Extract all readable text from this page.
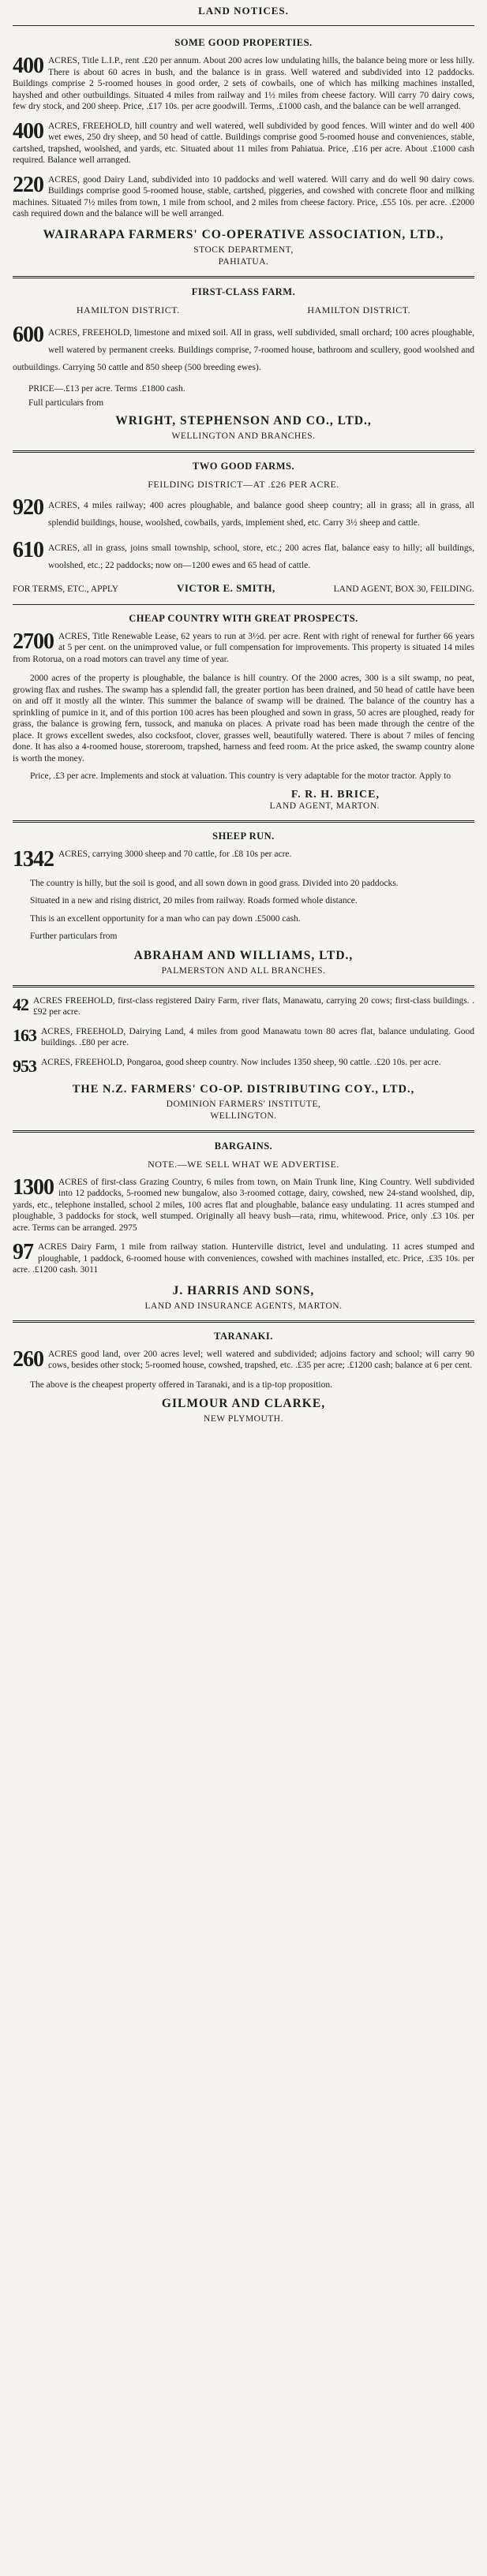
LAND NOTICES.
SOME GOOD PROPERTIES.
400 ACRES, Title L.I.P., rent .£20 per annum. About 200 acres low undulating hills, the balance being more or less hilly. There is about 60 acres in bush, and the balance is in grass. Well watered and subdivided into 12 paddocks. Buildings comprise 2 5-roomed houses in good order, 2 sets of cowbails, one of which has milking machines installed, hayshed and other outbuildings. Situated 4 miles from railway and 1½ miles from cheese factory. Will carry 70 dairy cows, few dry stock, and 200 sheep. Price, .£17 10s. per acre goodwill. Terms, .£1000 cash, and the balance can be well arranged.
400 ACRES, FREEHOLD, hill country and well watered, well subdivided by good fences. Will winter and do well 400 wet ewes, 250 dry sheep, and 50 head of cattle. Buildings comprise good 5-roomed house and conveniences, stable, cartshed, trapshed, woolshed, and yards, etc. Situated about 11 miles from Pahiatua. Price, .£16 per acre. About .£1000 cash required. Balance well arranged.
220 ACRES, good Dairy Land, subdivided into 10 paddocks and well watered. Will carry and do well 90 dairy cows. Buildings comprise good 5-roomed house, stable, cartshed, piggeries, and cowshed with concrete floor and milking machines. Situated 7½ miles from town, 1 mile from school, and 2 miles from cheese factory. Price, .£55 10s. per acre. .£2000 cash required down and the balance will be well arranged.
WAIRARAPA FARMERS' CO-OPERATIVE ASSOCIATION, LTD.,
STOCK DEPARTMENT,
PAHIATUA.
FIRST-CLASS FARM.
HAMILTON DISTRICT.	HAMILTON DISTRICT.
600 ACRES, FREEHOLD, limestone and mixed soil. All in grass, well subdivided, small orchard; 100 acres ploughable, well watered by permanent creeks. Buildings comprise, 7-roomed house, bathroom and scullery, good woolshed and outbuildings. Carrying 50 cattle and 850 sheep (500 breeding ewes).
PRICE—.£13 per acre. Terms .£1800 cash.
Full particulars from
WRIGHT, STEPHENSON AND CO., LTD.,
WELLINGTON AND BRANCHES.
TWO GOOD FARMS.
FEILDING DISTRICT—AT .£26 PER ACRE.
920 ACRES, 4 miles railway; 400 acres ploughable, and balance good sheep country; all in grass; all in grass, all splendid buildings, house, woolshed, cowbails, yards, implement shed, etc. Carry 3½ sheep and cattle.
610 ACRES, all in grass, joins small township, school, store, etc.; 200 acres flat, balance easy to hilly; all buildings, woolshed, etc.; 22 paddocks; now on—1200 ewes and 65 head of cattle.
FOR TERMS, ETC., APPLY	VICTOR E. SMITH,	LAND AGENT, BOX 30, FEILDING.
CHEAP COUNTRY WITH GREAT PROSPECTS.
2700 ACRES, Title Renewable Lease, 62 years to run at 3½d. per acre. Rent with right of renewal for further 66 years at 5 per cent. on the unimproved value, or full compensation for improvements. This property is situated 14 miles from Rotorua, on a road motors can travel any time of year.
2000 acres of the property is ploughable, the balance is hill country. Of the 2000 acres, 300 is a silt swamp, no peat, growing flax and rushes. The swamp has a splendid fall, the greater portion has been drained, and 50 head of cattle have been on and off it mostly all the winter. This summer the balance of swamp will be drained. The balance of the country has a sprinkling of pumice in it, and of this portion 100 acres has been ploughed and sown in grass, 50 acres are ploughed, ready for grass, the balance is growing fern, tussock, and manuka on places. A private road has been made through the centre of the place. It grows excellent swedes, also cocksfoot, clover, grasses well, beautifully watered. There is about 7 miles of fencing done. It has also a 4-roomed house, storeroom, trapshed, harness and feed room. At the price asked, the swamp country alone is worth the money.
Price, .£3 per acre. Implements and stock at valuation. This country is very adaptable for the motor tractor. Apply to
F. R. H. BRICE,
LAND AGENT, MARTON.
SHEEP RUN.
1342 ACRES, carrying 3000 sheep and 70 cattle, for .£8 10s per acre.
The country is hilly, but the soil is good, and all sown down in good grass. Divided into 20 paddocks.
Situated in a new and rising district, 20 miles from railway. Roads formed whole distance.
This is an excellent opportunity for a man who can pay down .£5000 cash.
Further particulars from
ABRAHAM AND WILLIAMS, LTD.,
PALMERSTON AND ALL BRANCHES.
42 ACRES FREEHOLD, first-class registered Dairy Farm, river flats, Manawatu, carrying 20 cows; first-class buildings. .£92 per acre.
163 ACRES, FREEHOLD, Dairying Land, 4 miles from good Manawatu town 80 acres flat, balance undulating. Good buildings. .£80 per acre.
953 ACRES, FREEHOLD, Pongaroa, good sheep country. Now includes 1350 sheep, 90 cattle. .£20 10s. per acre.
THE N.Z. FARMERS' CO-OP. DISTRIBUTING COY., LTD.,
DOMINION FARMERS' INSTITUTE,
WELLINGTON.
BARGAINS.
NOTE.—WE SELL WHAT WE ADVERTISE.
1300 ACRES of first-class Grazing Country, 6 miles from town, on Main Trunk line, King Country. Well subdivided into 12 paddocks, 5-roomed new bungalow, also 3-roomed cottage, dairy, cowshed, new 24-stand woolshed, dip, yards, etc., telephone installed, school 2 miles, 100 acres flat and ploughable, balance easy undulating. 11 acres stumped and ploughable, 3 paddocks for stock, well stumped. Originally all heavy bush—rata, rimu, whitewood. Price, only .£3 10s. per acre. Terms can be arranged. 2975
97 ACRES Dairy Farm, 1 mile from railway station. Hunterville district, level and undulating. 11 acres stumped and ploughable, 1 paddock, 6-roomed house with conveniences, cowshed with machines installed, etc. Price, .£35 10s. per acre. .£1200 cash. 3011
J. HARRIS AND SONS,
LAND AND INSURANCE AGENTS, MARTON.
TARANAKI.
260 ACRES good land, over 200 acres level; well watered and subdivided; adjoins factory and school; will carry 90 cows, besides other stock; 5-roomed house, cowshed, trapshed, etc. .£35 per acre; .£1200 cash; balance at 6 per cent.
The above is the cheapest property offered in Taranaki, and is a tip-top proposition.
GILMOUR AND CLARKE,
NEW PLYMOUTH.
